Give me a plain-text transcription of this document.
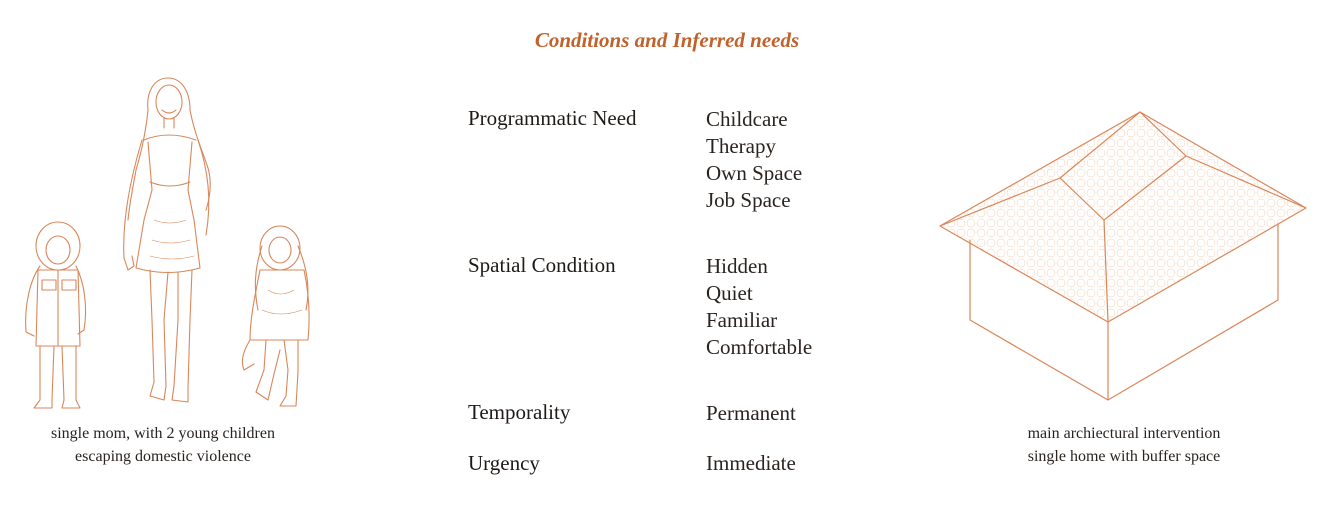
Conditions and Inferred needs
single mom, with 2 young children
escaping domestic violence
Programmatic Need	Childcare
Therapy
Own Space
Job Space
Spatial Condition	Hidden
Quiet
Familiar
Comfortable
Temporality	Permanent
Urgency	Immediate
main archiectural intervention
single home with buffer space
